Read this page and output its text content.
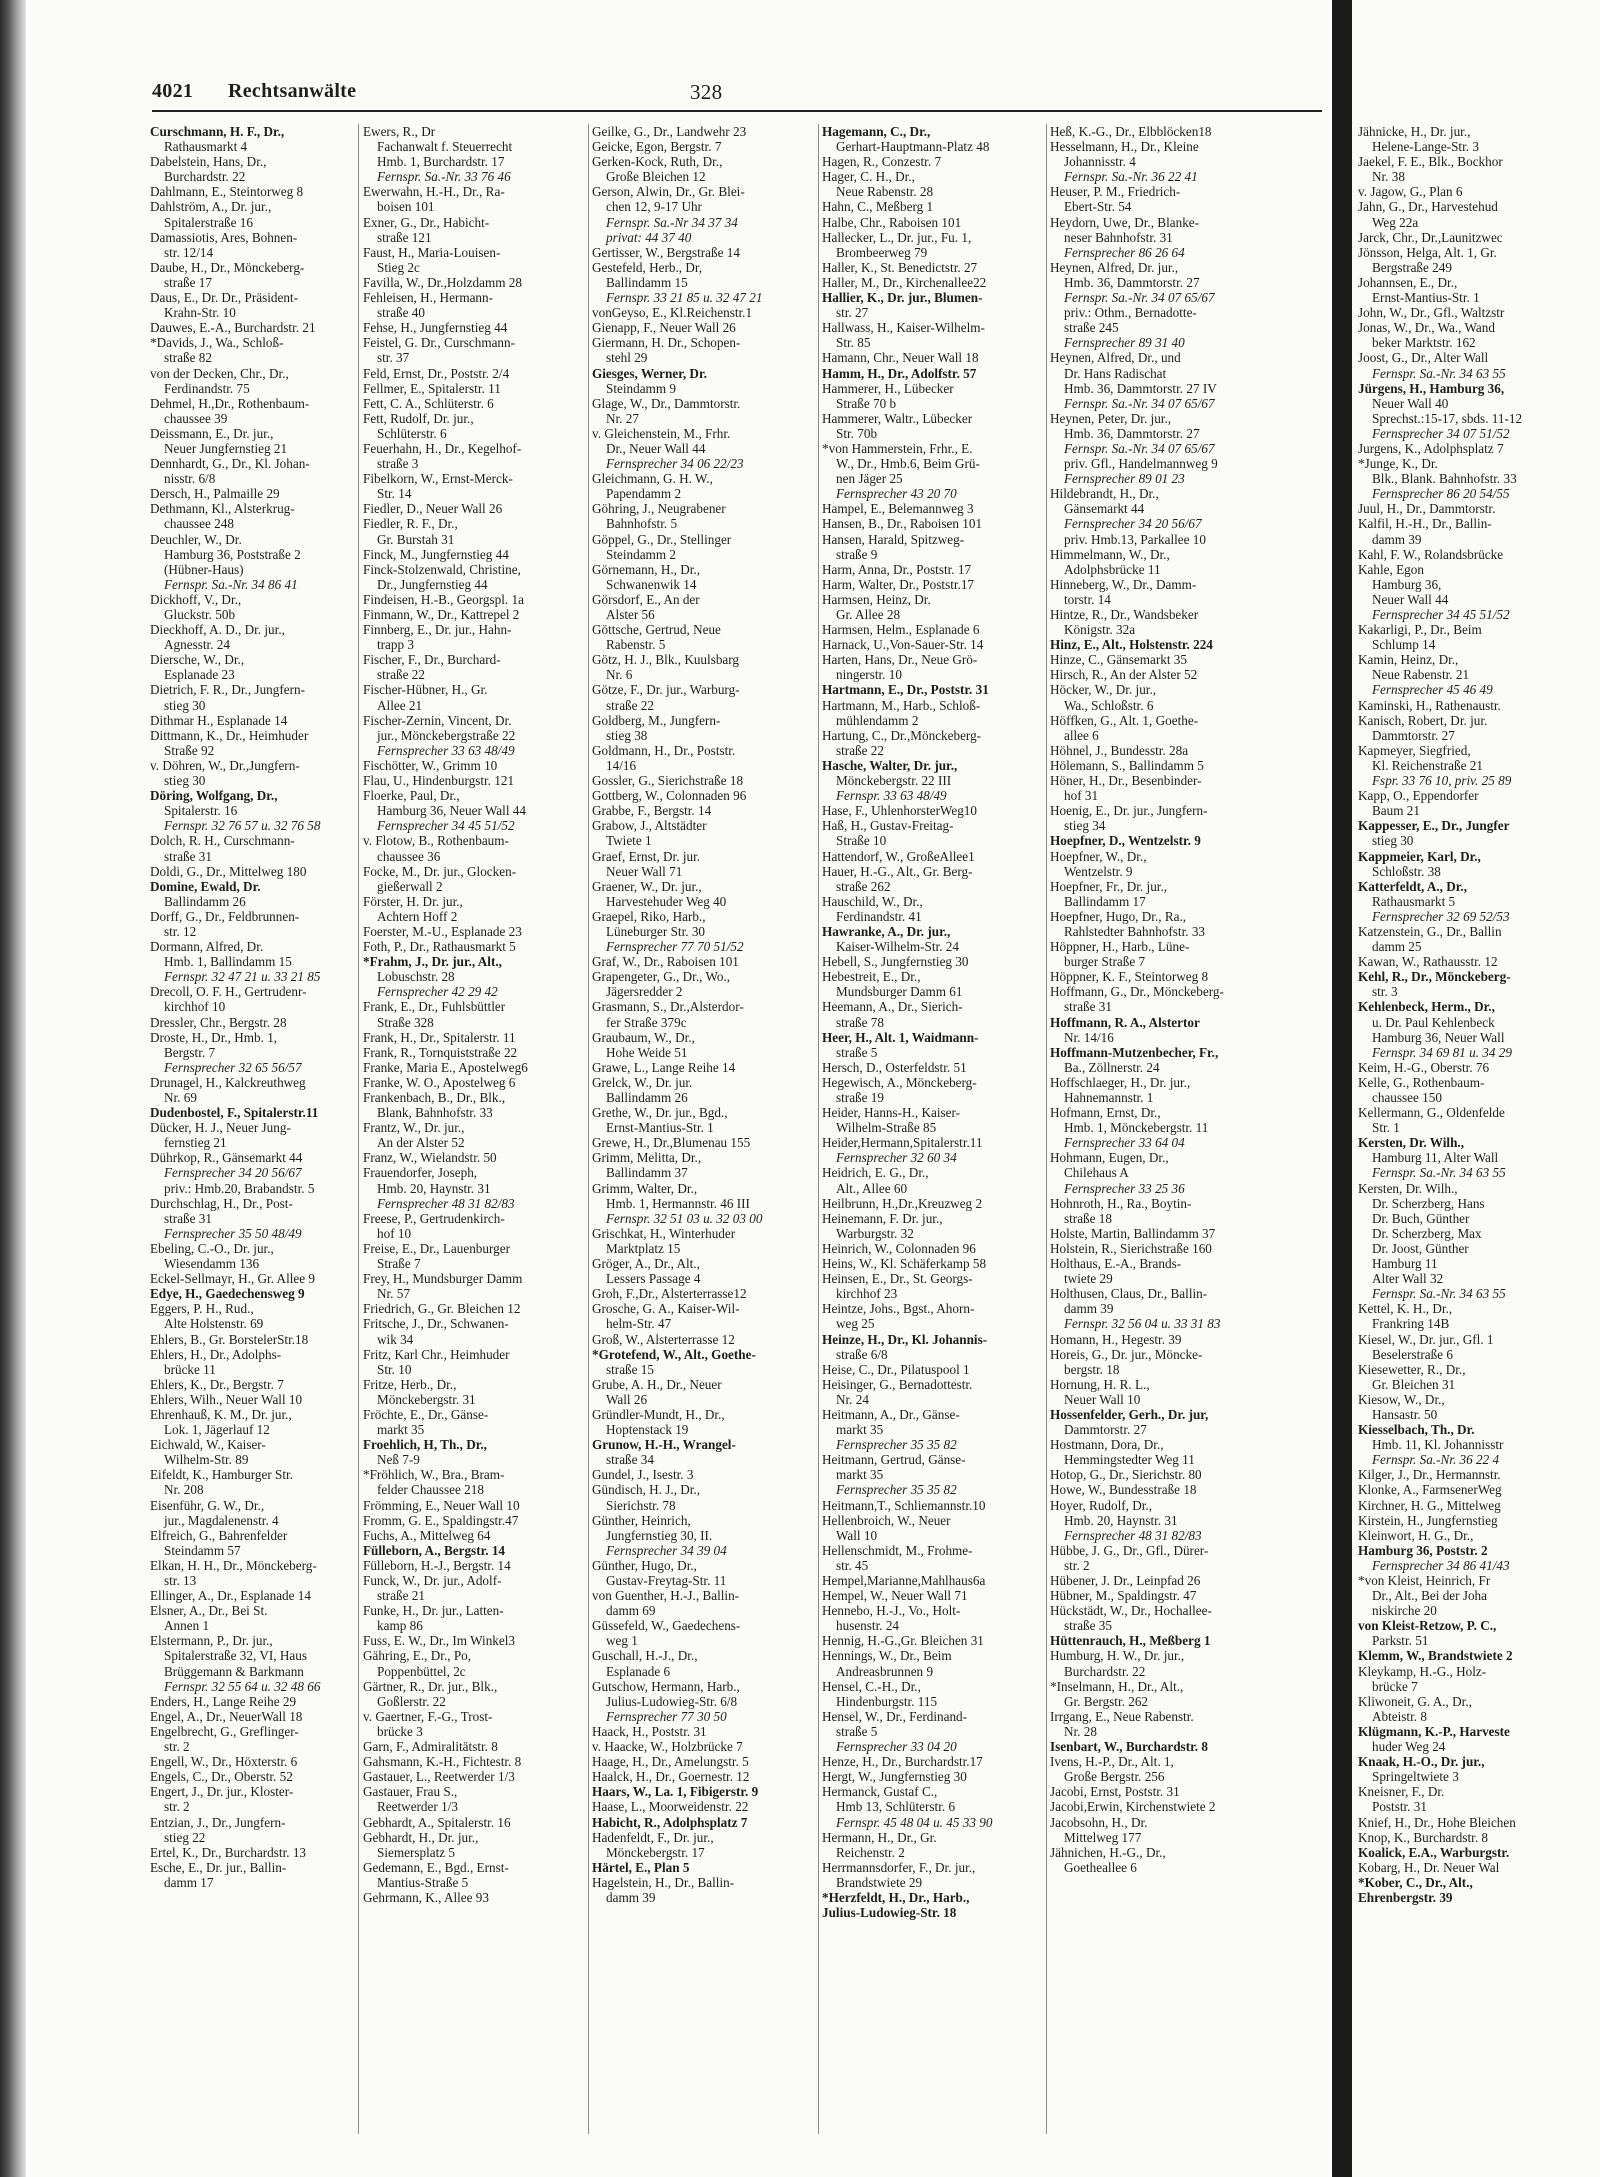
4021 Rechtsanwälte	328
Curschmann, H. F., Dr.,
Rathausmarkt 4
Dabelstein, Hans, Dr.,
Burchardstr. 22
Dahlmann, E., Steintorweg 8
Dahlström, A., Dr. jur.,
Spitalerstraße 16
Damassiotis, Ares, Bohnen-
str. 12/14
Daube, H., Dr., Mönckeberg-
straße 17
Daus, E., Dr. Dr., Präsident-
Krahn-Str. 10
Dauwes, E.-A., Burchardstr. 21
*Davids, J., Wa., Schloß-
straße 82
von der Decken, Chr., Dr.,
Ferdinandstr. 75
Dehmel, H.,Dr., Rothenbaum-
chaussee 39
Deissmann, E., Dr. jur.,
Neuer Jungfernstieg 21
Dennhardt, G., Dr., Kl. Johan-
nisstr. 6/8
Dersch, H., Palmaille 29
Dethmann, Kl., Alsterkrug-
chaussee 248
Deuchler, W., Dr.
Hamburg 36, Poststraße 2
(Hübner-Haus)
Fernspr. Sa.-Nr. 34 86 41
Dickhoff, V., Dr.,
Gluckstr. 50b
Dieckhoff, A. D., Dr. jur.,
Agnesstr. 24
Diersche, W., Dr.,
Esplanade 23
Dietrich, F. R., Dr., Jungfern-
stieg 30
Dithmar H., Esplanade 14
Dittmann, K., Dr., Heimhuder
Straße 92
v. Döhren, W., Dr.,Jungfern-
stieg 30
Döring, Wolfgang, Dr.,
Spitalerstr. 16
Fernspr. 32 76 57 u. 32 76 58
Dolch, R. H., Curschmann-
straße 31
Doldi, G., Dr., Mittelweg 180
Domine, Ewald, Dr.
Ballindamm 26
Dorff, G., Dr., Feldbrunnen-
str. 12
Dormann, Alfred, Dr.
Hmb. 1, Ballindamm 15
Fernspr. 32 47 21 u. 33 21 85
Drecoll, O. F. H., Gertrudenr-
kirchhof 10
Dressler, Chr., Bergstr. 28
Droste, H., Dr., Hmb. 1,
Bergstr. 7
Fernsprecher 32 65 56/57
Drunagel, H., Kalckreuthweg
Nr. 69
Dudenbostel, F., Spitalerstr.11
Dücker, H. J., Neuer Jung-
fernstieg 21
Dührkop, R., Gänsemarkt 44
Fernsprecher 34 20 56/67
priv.: Hmb.20, Brabandstr. 5
Durchschlag, H., Dr., Post-
straße 31
Fernsprecher 35 50 48/49
Ebeling, C.-O., Dr. jur.,
Wiesendamm 136
Eckel-Sellmayr, H., Gr. Allee 9
Edye, H., Gaedechensweg 9
Eggers, P. H., Rud.,
Alte Holstenstr. 69
Ehlers, B., Gr. BorstelerStr.18
Ehlers, H., Dr., Adolphs-
brücke 11
Ehlers, K., Dr., Bergstr. 7
Ehlers, Wilh., Neuer Wall 10
Ehrenhauß, K. M., Dr. jur.,
Lok. 1, Jägerlauf 12
Eichwald, W., Kaiser-
Wilhelm-Str. 89
Eifeldt, K., Hamburger Str.
Nr. 208
Eisenführ, G. W., Dr.,
jur., Magdalenenstr. 4
Elfreich, G., Bahrenfelder
Steindamm 57
Elkan, H. H., Dr., Mönckeberg-
str. 13
Ellinger, A., Dr., Esplanade 14
Elsner, A., Dr., Bei St.
Annen 1
Elstermann, P., Dr. jur.,
Spitalerstraße 32, VI, Haus
Brüggemann & Barkmann
Fernspr. 32 55 64 u. 32 48 66
Enders, H., Lange Reihe 29
Engel, A., Dr., NeuerWall 18
Engelbrecht, G., Greflinger-
str. 2
Engell, W., Dr., Höxterstr. 6
Engels, C., Dr., Oberstr. 52
Engert, J., Dr. jur., Kloster-
str. 2
Entzian, J., Dr., Jungfern-
stieg 22
Ertel, K., Dr., Burchardstr. 13
Esche, E., Dr. jur., Ballin-
damm 17
Ewers, R., Dr
Fachanwalt f. Steuerrecht
Hmb. 1, Burchardstr. 17
Fernspr. Sa.-Nr. 33 76 46
Ewerwahn, H.-H., Dr., Ra-
boisen 101
Exner, G., Dr., Habicht-
straße 121
Faust, H., Maria-Louisen-
Stieg 2c
Favilla, W., Dr.,Holzdamm 28
Fehleisen, H., Hermann-
straße 40
Fehse, H., Jungfernstieg 44
Feistel, G. Dr., Curschmann-
str. 37
Feld, Ernst, Dr., Poststr. 2/4
Fellmer, E., Spitalerstr. 11
Fett, C. A., Schlüterstr. 6
Fett, Rudolf, Dr. jur.,
Schlüterstr. 6
Feuerhahn, H., Dr., Kegelhof-
straße 3
Fibelkorn, W., Ernst-Merck-
Str. 14
Fiedler, D., Neuer Wall 26
Fiedler, R. F., Dr.,
Gr. Burstah 31
Finck, M., Jungfernstieg 44
Finck-Stolzenwald, Christine,
Dr., Jungfernstieg 44
Findeisen, H.-B., Georgspl. 1a
Finmann, W., Dr., Kattrepel 2
Finnberg, E., Dr. jur., Hahn-
trapp 3
Fischer, F., Dr., Burchard-
straße 22
Fischer-Hübner, H., Gr.
Allee 21
Fischer-Zernin, Vincent, Dr.
jur., Mönckebergstraße 22
Fernsprecher 33 63 48/49
Fischötter, W., Grimm 10
Flau, U., Hindenburgstr. 121
Floerke, Paul, Dr.,
Hamburg 36, Neuer Wall 44
Fernsprecher 34 45 51/52
v. Flotow, B., Rothenbaum-
chaussee 36
Focke, M., Dr. jur., Glocken-
gießerwall 2
Förster, H. Dr. jur.,
Achtern Hoff 2
Foerster, M.-U., Esplanade 23
Foth, P., Dr., Rathausmarkt 5
*Frahm, J., Dr. jur., Alt.,
Lobuschstr. 28
Fernsprecher 42 29 42
Frank, E., Dr., Fuhlsbüttler
Straße 328
Frank, H., Dr., Spitalerstr. 11
Frank, R., Tornquiststraße 22
Franke, Maria E., Apostelweg6
Franke, W. O., Apostelweg 6
Frankenbach, B., Dr., Blk.,
Blank, Bahnhofstr. 33
Frantz, W., Dr. jur.,
An der Alster 52
Franz, W., Wielandstr. 50
Frauendorfer, Joseph,
Hmb. 20, Haynstr. 31
Fernsprecher 48 31 82/83
Freese, P., Gertrudenkirch-
hof 10
Freise, E., Dr., Lauenburger
Straße 7
Frey, H., Mundsburger Damm
Nr. 57
Friedrich, G., Gr. Bleichen 12
Fritsche, J., Dr., Schwanen-
wik 34
Fritz, Karl Chr., Heimhuder
Str. 10
Fritze, Herb., Dr.,
Mönckebergstr. 31
Fröchte, E., Dr., Gänse-
markt 35
Froehlich, H, Th., Dr.,
Neß 7-9
*Fröhlich, W., Bra., Bram-
felder Chaussee 218
Frömming, E., Neuer Wall 10
Fromm, G. E., Spaldingstr.47
Fuchs, A., Mittelweg 64
Fülleborn, A., Bergstr. 14
Fülleborn, H.-J., Bergstr. 14
Funck, W., Dr. jur., Adolf-
straße 21
Funke, H., Dr. jur., Latten-
kamp 86
Fuss, E. W., Dr., Im Winkel3
Gähring, E., Dr., Po,
Poppenbüttel, 2c
Gärtner, R., Dr. jur., Blk.,
Goßlerstr. 22
v. Gaertner, F.-G., Trost-
brücke 3
Garn, F., Admiralitätstr. 8
Gahsmann, K.-H., Fichtestr. 8
Gastauer, L., Reetwerder 1/3
Gastauer, Frau S.,
Reetwerder 1/3
Gebhardt, A., Spitalerstr. 16
Gebhardt, H., Dr. jur.,
Siemersplatz 5
Gedemann, E., Bgd., Ernst-
Mantius-Straße 5
Gehrmann, K., Allee 93
Geilke, G., Dr., Landwehr 23
Geicke, Egon, Bergstr. 7
Gerken-Kock, Ruth, Dr.,
Große Bleichen 12
Gerson, Alwin, Dr., Gr. Blei-
chen 12, 9-17 Uhr
Fernspr. Sa.-Nr 34 37 34
privat: 44 37 40
Gertisser, W., Bergstraße 14
Gestefeld, Herb., Dr,
Ballindamm 15
Fernspr. 33 21 85 u. 32 47 21
vonGeyso, E., Kl.Reichenstr.1
Gienapp, F., Neuer Wall 26
Giermann, H. Dr., Schopen-
stehl 29
Giesges, Werner, Dr.
Steindamm 9
Glage, W., Dr., Dammtorstr.
Nr. 27
v. Gleichenstein, M., Frhr.
Dr., Neuer Wall 44
Fernsprecher 34 06 22/23
Gleichmann, G. H. W.,
Papendamm 2
Göhring, J., Neugrabener
Bahnhofstr. 5
Göppel, G., Dr., Stellinger
Steindamm 2
Görnemann, H., Dr.,
Schwanenwik 14
Görsdorf, E., An der
Alster 56
Göttsche, Gertrud, Neue
Rabenstr. 5
Götz, H. J., Blk., Kuulsbarg
Nr. 6
Götze, F., Dr. jur., Warburg-
straße 22
Goldberg, M., Jungfern-
stieg 38
Goldmann, H., Dr., Poststr.
14/16
Gossler, G., Sierichstraße 18
Gottberg, W., Colonnaden 96
Grabbe, F., Bergstr. 14
Grabow, J., Altstädter
Twiete 1
Graef, Ernst, Dr. jur.
Neuer Wall 71
Graener, W., Dr. jur.,
Harvestehuder Weg 40
Graepel, Riko, Harb.,
Lüneburger Str. 30
Fernsprecher 77 70 51/52
Graf, W., Dr., Raboisen 101
Grapengeter, G., Dr., Wo.,
Jägersredder 2
Grasmann, S., Dr.,Alsterdor-
fer Straße 379c
Graubaum, W., Dr.,
Hohe Weide 51
Grawe, L., Lange Reihe 14
Grelck, W., Dr. jur.
Ballindamm 26
Grethe, W., Dr. jur., Bgd.,
Ernst-Mantius-Str. 1
Grewe, H., Dr.,Blumenau 155
Grimm, Melitta, Dr.,
Ballindamm 37
Grimm, Walter, Dr.,
Hmb. 1, Hermannstr. 46 III
Fernspr. 32 51 03 u. 32 03 00
Grischkat, H., Winterhuder
Marktplatz 15
Gröger, A., Dr., Alt.,
Lessers Passage 4
Groh, F.,Dr., Alsterterrasse12
Grosche, G. A., Kaiser-Wil-
helm-Str. 47
Groß, W., Alsterterrasse 12
*Grotefend, W., Alt., Goethe-
straße 15
Grube, A. H., Dr., Neuer
Wall 26
Gründler-Mundt, H., Dr.,
Hoptenstack 19
Grunow, H.-H., Wrangel-
straße 34
Gundel, J., Isestr. 3
Gündisch, H. J., Dr.,
Sierichstr. 78
Günther, Heinrich,
Jungfernstieg 30, II.
Fernsprecher 34 39 04
Günther, Hugo, Dr.,
Gustav-Freytag-Str. 11
von Guenther, H.-J., Ballin-
damm 69
Güssefeld, W., Gaedechens-
weg 1
Guschall, H.-J., Dr.,
Esplanade 6
Gutschow, Hermann, Harb.,
Julius-Ludowieg-Str. 6/8
Fernsprecher 77 30 50
Haack, H., Poststr. 31
v. Haacke, W., Holzbrücke 7
Haage, H., Dr., Amelungstr. 5
Haalck, H., Dr., Goernestr. 12
Haars, W., La. 1, Fibigerstr. 9
Haase, L., Moorweidenstr. 22
Habicht, R., Adolphsplatz 7
Hadenfeldt, F., Dr. jur.,
Mönckebergstr. 17
Härtel, E., Plan 5
Hagelstein, H., Dr., Ballin-
damm 39
Hagemann, C., Dr.,
Gerhart-Hauptmann-Platz 48
Hagen, R., Conzestr. 7
Hager, C. H., Dr.,
Neue Rabenstr. 28
Hahn, C., Meßberg 1
Halbe, Chr., Raboisen 101
Hallecker, L., Dr. jur., Fu. 1,
Brombeerweg 79
Haller, K., St. Benedictstr. 27
Haller, M., Dr., Kirchenallee22
Hallier, K., Dr. jur., Blumen-
str. 27
Hallwass, H., Kaiser-Wilhelm-
Str. 85
Hamann, Chr., Neuer Wall 18
Hamm, H., Dr., Adolfstr. 57
Hammerer, H., Lübecker
Straße 70 b
Hammerer, Waltr., Lübecker
Str. 70b
*von Hammerstein, Frhr., E.
W., Dr., Hmb.6, Beim Grü-
nen Jäger 25
Fernsprecher 43 20 70
Hampel, E., Belemannweg 3
Hansen, B., Dr., Raboisen 101
Hansen, Harald, Spitzweg-
straße 9
Harm, Anna, Dr., Poststr. 17
Harm, Walter, Dr., Poststr.17
Harmsen, Heinz, Dr.
Gr. Allee 28
Harmsen, Helm., Esplanade 6
Harnack, U.,Von-Sauer-Str. 14
Harten, Hans, Dr., Neue Grö-
ningerstr. 10
Hartmann, E., Dr., Poststr. 31
Hartmann, M., Harb., Schloß-
mühlendamm 2
Hartung, C., Dr.,Mönckeberg-
straße 22
Hasche, Walter, Dr. jur.,
Mönckebergstr. 22 III
Fernspr. 33 63 48/49
Hase, F., UhlenhorsterWeg10
Haß, H., Gustav-Freitag-
Straße 10
Hattendorf, W., GroßeAllee1
Hauer, H.-G., Alt., Gr. Berg-
straße 262
Hauschild, W., Dr.,
Ferdinandstr. 41
Hawranke, A., Dr. jur.,
Kaiser-Wilhelm-Str. 24
Hebell, S., Jungfernstieg 30
Hebestreit, E., Dr.,
Mundsburger Damm 61
Heemann, A., Dr., Sierich-
straße 78
Heer, H., Alt. 1, Waidmann-
straße 5
Hersch, D., Osterfeldstr. 51
Hegewisch, A., Mönckeberg-
straße 19
Heider, Hanns-H., Kaiser-
Wilhelm-Straße 85
Heider,Hermann,Spitalerstr.11
Fernsprecher 32 60 34
Heidrich, E. G., Dr.,
Alt., Allee 60
Heilbrunn, H.,Dr.,Kreuzweg 2
Heinemann, F. Dr. jur.,
Warburgstr. 32
Heinrich, W., Colonnaden 96
Heins, W., Kl. Schäferkamp 58
Heinsen, E., Dr., St. Georgs-
kirchhof 23
Heintze, Johs., Bgst., Ahorn-
weg 25
Heinze, H., Dr., Kl. Johannis-
straße 6/8
Heise, C., Dr., Pilatuspool 1
Heisinger, G., Bernadottestr.
Nr. 24
Heitmann, A., Dr., Gänse-
markt 35
Fernsprecher 35 35 82
Heitmann, Gertrud, Gänse-
markt 35
Fernsprecher 35 35 82
Heitmann,T., Schliemannstr.10
Hellenbroich, W., Neuer
Wall 10
Hellenschmidt, M., Frohme-
str. 45
Hempel,Marianne,Mahlhaus6a
Hempel, W., Neuer Wall 71
Hennebo, H.-J., Vo., Holt-
husenstr. 24
Hennig, H.-G.,Gr. Bleichen 31
Hennings, W., Dr., Beim
Andreasbrunnen 9
Hensel, C.-H., Dr.,
Hindenburgstr. 115
Hensel, W., Dr., Ferdinand-
straße 5
Fernsprecher 33 04 20
Henze, H., Dr., Burchardstr.17
Hergt, W., Jungfernstieg 30
Hermanck, Gustaf C.,
Hmb 13, Schlüterstr. 6
Fernspr. 45 48 04 u. 45 33 90
Hermann, H., Dr., Gr.
Reichenstr. 2
Herrmannsdorfer, F., Dr. jur.,
Brandstwiete 29
*Herzfeldt, H., Dr., Harb.,
Julius-Ludowieg-Str. 18
Heß, K.-G., Dr., Elbblöcken18
Hesselmann, H., Dr., Kleine
Johannisstr. 4
Fernspr. Sa.-Nr. 36 22 41
Heuser, P. M., Friedrich-
Ebert-Str. 54
Heydorn, Uwe, Dr., Blanke-
neser Bahnhofstr. 31
Fernsprecher 86 26 64
Heynen, Alfred, Dr. jur.,
Hmb. 36, Dammtorstr. 27
Fernspr. Sa.-Nr. 34 07 65/67
priv.: Othm., Bernadotte-
straße 245
Fernsprecher 89 31 40
Heynen, Alfred, Dr., und
Dr. Hans Radischat
Hmb. 36, Dammtorstr. 27 IV
Fernspr. Sa.-Nr. 34 07 65/67
Heynen, Peter, Dr. jur.,
Hmb. 36, Dammtorstr. 27
Fernspr. Sa.-Nr. 34 07 65/67
priv. Gfl., Handelmannweg 9
Fernsprecher 89 01 23
Hildebrandt, H., Dr.,
Gänsemarkt 44
Fernsprecher 34 20 56/67
priv. Hmb.13, Parkallee 10
Himmelmann, W., Dr.,
Adolphsbrücke 11
Hinneberg, W., Dr., Damm-
torstr. 14
Hintze, R., Dr., Wandsbeker
Königstr. 32a
Hinz, E., Alt., Holstenstr. 224
Hinze, C., Gänsemarkt 35
Hirsch, R., An der Alster 52
Höcker, W., Dr. jur.,
Wa., Schloßstr. 6
Höffken, G., Alt. 1, Goethe-
allee 6
Höhnel, J., Bundesstr. 28a
Hölemann, S., Ballindamm 5
Höner, H., Dr., Besenbinder-
hof 31
Hoenig, E., Dr. jur., Jungfern-
stieg 34
Hoepfner, D., Wentzelstr. 9
Hoepfner, W., Dr.,
Wentzelstr. 9
Hoepfner, Fr., Dr. jur.,
Ballindamm 17
Hoepfner, Hugo, Dr., Ra.,
Rahlstedter Bahnhofstr. 33
Höppner, H., Harb., Lüne-
burger Straße 7
Höppner, K. F., Steintorweg 8
Hoffmann, G., Dr., Mönckeberg-
straße 31
Hoffmann, R. A., Alstertor
Nr. 14/16
Hoffmann-Mutzenbecher, Fr.,
Ba., Zöllnerstr. 24
Hoffschlaeger, H., Dr. jur.,
Hahnemannstr. 1
Hofmann, Ernst, Dr.,
Hmb. 1, Mönckebergstr. 11
Fernsprecher 33 64 04
Hohmann, Eugen, Dr.,
Chilehaus A
Fernsprecher 33 25 36
Hohnroth, H., Ra., Boytin-
straße 18
Holste, Martin, Ballindamm 37
Holstein, R., Sierichstraße 160
Holthaus, E.-A., Brands-
twiete 29
Holthusen, Claus, Dr., Ballin-
damm 39
Fernspr. 32 56 04 u. 33 31 83
Homann, H., Hegestr. 39
Horeis, G., Dr. jur., Möncke-
bergstr. 18
Hornung, H. R. L.,
Neuer Wall 10
Hossenfelder, Gerh., Dr. jur,
Dammtorstr. 27
Hostmann, Dora, Dr.,
Hemmingstedter Weg 11
Hotop, G., Dr., Sierichstr. 80
Howe, W., Bundesstraße 18
Hoyer, Rudolf, Dr.,
Hmb. 20, Haynstr. 31
Fernsprecher 48 31 82/83
Hübbe, J. G., Dr., Gfl., Dürer-
str. 2
Hübener, J. Dr., Leinpfad 26
Hübner, M., Spaldingstr. 47
Hückstädt, W., Dr., Hochallee-
straße 35
Hüttenrauch, H., Meßberg 1
Humburg, H. W., Dr. jur.,
Burchardstr. 22
*Inselmann, H., Dr., Alt.,
Gr. Bergstr. 262
Irrgang, E., Neue Rabenstr.
Nr. 28
Isenbart, W., Burchardstr. 8
Ivens, H.-P., Dr., Alt. 1,
Große Bergstr. 256
Jacobi, Ernst, Poststr. 31
Jacobi,Erwin, Kirchenstwiete 2
Jacobsohn, H., Dr.
Mittelweg 177
Jähnichen, H.-G., Dr.,
Goetheallee 6
Jähnicke, H., Dr. jur.,
Helene-Lange-Str. 3
Jaekel, F. E., Blk., Bockhor
Nr. 38
v. Jagow, G., Plan 6
Jahn, G., Dr., Harvestehud
Weg 22a
Jarck, Chr., Dr.,Launitzwec
Jönsson, Helga, Alt. 1, Gr.
Bergstraße 249
Johannsen, E., Dr.,
Ernst-Mantius-Str. 1
John, W., Dr., Gfl., Waltzstr
Jonas, W., Dr., Wa., Wand
beker Marktstr. 162
Joost, G., Dr., Alter Wall
Fernspr. Sa.-Nr. 34 63 55
Jürgens, H., Hamburg 36,
Neuer Wall 40
Sprechst.:15-17, sbds. 11-12
Fernsprecher 34 07 51/52
Jurgens, K., Adolphsplatz 7
*Junge, K., Dr.
Blk., Blank. Bahnhofstr. 33
Fernsprecher 86 20 54/55
Juul, H., Dr., Dammtorstr.
Kalfil, H.-H., Dr., Ballin-
damm 39
Kahl, F. W., Rolandsbrücke
Kahle, Egon
Hamburg 36,
Neuer Wall 44
Fernsprecher 34 45 51/52
Kakarligi, P., Dr., Beim
Schlump 14
Kamin, Heinz, Dr.,
Neue Rabenstr. 21
Fernsprecher 45 46 49
Kaminski, H., Rathenaustr.
Kanisch, Robert, Dr. jur.
Dammtorstr. 27
Kapmeyer, Siegfried,
Kl. Reichenstraße 21
Fspr. 33 76 10, priv. 25 89
Kapp, O., Eppendorfer
Baum 21
Kappesser, E., Dr., Jungfer
stieg 30
Kappmeier, Karl, Dr.,
Schloßstr. 38
Katterfeldt, A., Dr.,
Rathausmarkt 5
Fernsprecher 32 69 52/53
Katzenstein, G., Dr., Ballin
damm 25
Kawan, W., Rathausstr. 12
Kehl, R., Dr., Mönckeberg-
str. 3
Kehlenbeck, Herm., Dr.,
u. Dr. Paul Kehlenbeck
Hamburg 36, Neuer Wall
Fernspr. 34 69 81 u. 34 29
Keim, H.-G., Oberstr. 76
Kelle, G., Rothenbaum-
chaussee 150
Kellermann, G., Oldenfelde
Str. 1
Kersten, Dr. Wilh.,
Hamburg 11, Alter Wall
Fernspr. Sa.-Nr. 34 63 55
Kersten, Dr. Wilh.,
Dr. Scherzberg, Hans
Dr. Buch, Günther
Dr. Scherzberg, Max
Dr. Joost, Günther
Hamburg 11
Alter Wall 32
Fernspr. Sa.-Nr. 34 63 55
Kettel, K. H., Dr.,
Frankring 14B
Kiesel, W., Dr. jur., Gfl. 1
Beselerstraße 6
Kiesewetter, R., Dr.,
Gr. Bleichen 31
Kiesow, W., Dr.,
Hansastr. 50
Kiesselbach, Th., Dr.
Hmb. 11, Kl. Johannisstr
Fernspr. Sa.-Nr. 36 22 4
Kilger, J., Dr., Hermannstr.
Klonke, A., FarmsenerWeg
Kirchner, H. G., Mittelweg
Kirstein, H., Jungfernstieg
Kleinwort, H. G., Dr.,
Hamburg 36, Poststr. 2
Fernsprecher 34 86 41/43
*von Kleist, Heinrich, Fr
Dr., Alt., Bei der Joha
niskirche 20
von Kleist-Retzow, P. C.,
Parkstr. 51
Klemm, W., Brandstwiete 2
Kleykamp, H.-G., Holz-
brücke 7
Kliwoneit, G. A., Dr.,
Abteistr. 8
Klügmann, K.-P., Harveste
huder Weg 24
Knaak, H.-O., Dr. jur.,
Springeltwiete 3
Kneisner, F., Dr.
Poststr. 31
Knief, H., Dr., Hohe Bleichen
Knop, K., Burchardstr. 8
Koalick, E.A., Warburgstr.
Kobarg, H., Dr. Neuer Wal
*Kober, C., Dr., Alt.,
Ehrenbergstr. 39
